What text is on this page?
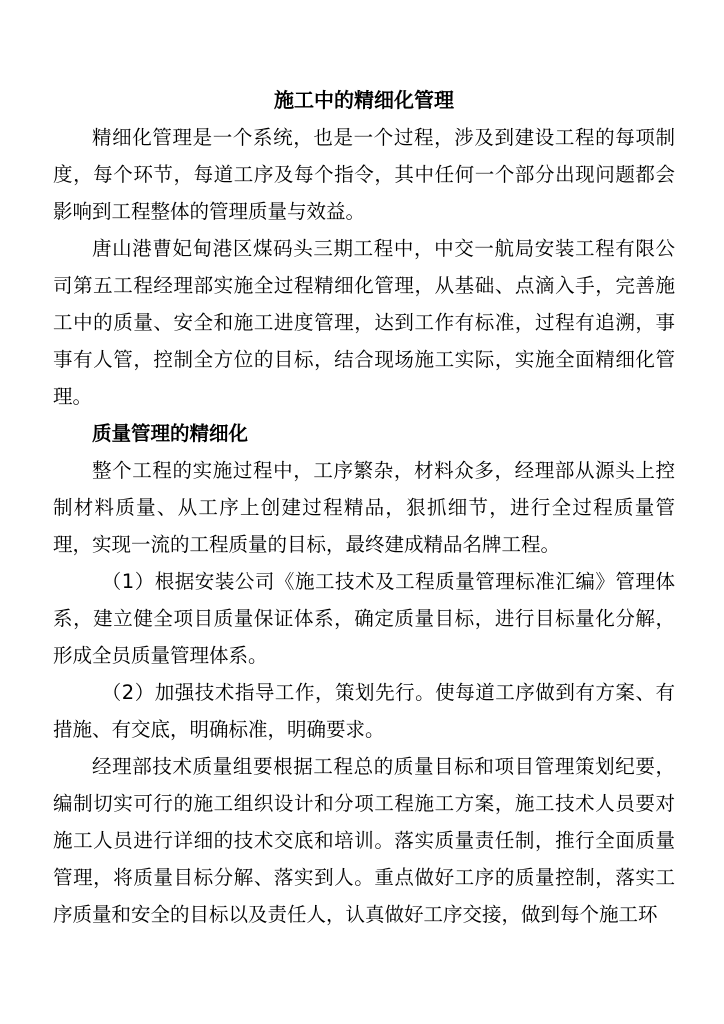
施工中的精细化管理

精细化管理是一个系统，也是一个过程，涉及到建设工程的每项制度，每个环节，每道工序及每个指令，其中任何一个部分出现问题都会影响到工程整体的管理质量与效益。

唐山港曹妃甸港区煤码头三期工程中，中交一航局安装工程有限公司第五工程经理部实施全过程精细化管理，从基础、点滴入手，完善施工中的质量、安全和施工进度管理，达到工作有标准，过程有追溯，事事有人管，控制全方位的目标，结合现场施工实际，实施全面精细化管理。

质量管理的精细化

整个工程的实施过程中，工序繁杂，材料众多，经理部从源头上控制材料质量、从工序上创建过程精品，狠抓细节，进行全过程质量管理，实现一流的工程质量的目标，最终建成精品名牌工程。

（1）根据安装公司《施工技术及工程质量管理标准汇编》管理体系，建立健全项目质量保证体系，确定质量目标，进行目标量化分解，形成全员质量管理体系。

（2）加强技术指导工作，策划先行。使每道工序做到有方案、有措施、有交底，明确标准，明确要求。

经理部技术质量组要根据工程总的质量目标和项目管理策划纪要，编制切实可行的施工组织设计和分项工程施工方案，施工技术人员要对施工人员进行详细的技术交底和培训。落实质量责任制，推行全面质量管理，将质量目标分解、落实到人。重点做好工序的质量控制，落实工序质量和安全的目标以及责任人，认真做好工序交接，做到每个施工环
